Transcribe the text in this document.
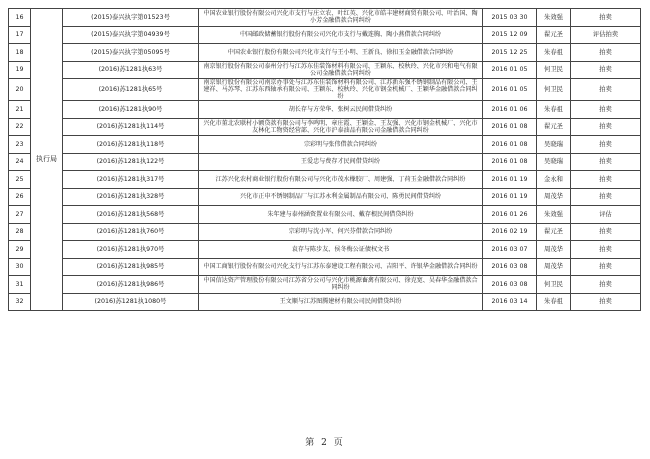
16	执行局	(2015)泰兴执字第01523号	中国农业银行股份有限公司兴化市支行与庄立农、叶红英、兴化市皓丰建材商贸有限公司、叶治国、陶小芳金融借款合同纠纷	2015 03 30	朱效强	拍卖
17		(2015)泰兴执字第04939号	中国邮政储蓄银行股份有限公司兴化市支行与戴连胸、陶小燕借款合同纠纷	2015 12 09	翟元圣	评估拍卖
18		(2015)泰兴执字第05095号	中国农业银行股份有限公司兴化市支行与王小明、王新良、徐扣玉金融借款合同纠纷	2015 12 25	朱春祖	拍卖
19		(2016)苏1281执63号	南京银行股份有限公司泰州分行与江苏东佳装饰材料有限公司、王颖东、校秋玲、兴化市兴和电气有限公司金融借款合同纠纷	2016 01 05	何卫民	拍卖
20		(2016)苏1281执65号	南京银行股份有限公司南京办事处与江苏东佳装饰材料有限公司、江苏新东强不锈钢制品有限公司、王建祥、马苏琴、江苏东西轴承有限公司、王颖东、校秋玲、兴化市钢金机械厂、王颖华金融借款合同纠纷	2016 01 05	何卫民	拍卖
21		(2016)苏1281执90号	胡长存与方荣华、张树云民间借贷纠纷	2016 01 06	朱春祖	拍卖
22		(2016)苏1281执114号	兴化市董北农联村小额贷款有限公司与李鸣明、章庄霞、王颖金、王友强、兴化市钢金机械厂、兴化市友林化工物资经营部、兴化市沪泰油品有限公司金融借款合同纠纷	2016 01 08	翟元圣	拍卖
23		(2016)苏1281执118号	宗彩明与张伟借款合同纠纷	2016 01 08	吴晓瑞	拍卖
24		(2016)苏1281执122号	王爱忠与费存才民间借贷纠纷	2016 01 08	吴晓瑞	拍卖
25		(2016)苏1281执317号	江苏兴化农村商业银行股份有限公司与兴化市茂水橡胶厂、周建强、丁荷玉金融借款合同纠纷	2016 01 19	金永和	拍卖
26		(2016)苏1281执328号	兴化市正申不锈钢制品厂与江苏永利金属制品有限公司、陈勇民间借贷纠纷	2016 01 19	周茂华	拍卖
27		(2016)苏1281执568号	朱年建与泰州涵资置业有限公司、戴存根民间借贷纠纷	2016 01 26	朱效强	评估
28		(2016)苏1281执760号	宗彩明与沈小军、何兴芬借款合同纠纷	2016 02 19	翟元圣	拍卖
29		(2016)苏1281执970号	袁存与陈步友、侯冬梅公证债权文书	2016 03 07	周茂华	拍卖
30		(2016)苏1281执985号	中国工商银行股份有限公司兴化支行与江苏东泰建设工程有限公司、吉阳平、许银华金融借款合同纠纷	2016 03 08	周茂华	拍卖
31		(2016)苏1281执986号	中国信达资产管理股份有限公司江苏省分公司与兴化市桃源畜禽有限公司、徐克宽、吴春华金融借款合同纠纷	2016 03 08	何卫民	拍卖
32		(2016)苏1281执1080号	王文顺与江苏图腾建材有限公司民间借贷纠纷	2016 03 14	朱春祖	拍卖
第 2 页
